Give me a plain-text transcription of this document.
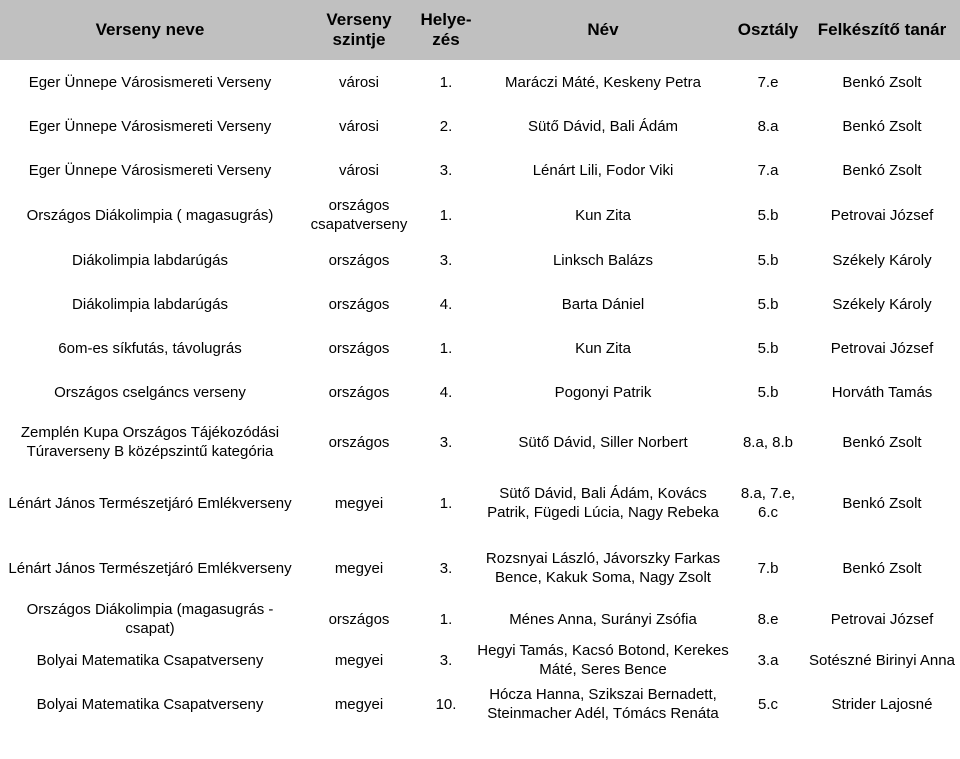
Verseny neve	Verseny szintje	Helye-zés	Név	Osztály	Felkészítő tanár
Eger Ünnepe Városismereti Verseny	városi	1.	Maráczi Máté, Keskeny Petra	7.e	Benkó Zsolt
Eger Ünnepe Városismereti Verseny	városi	2.	Sütő Dávid, Bali Ádám	8.a	Benkó Zsolt
Eger Ünnepe Városismereti Verseny	városi	3.	Lénárt Lili, Fodor Viki	7.a	Benkó Zsolt
Országos Diákolimpia ( magasugrás)	országos csapatverseny	1.	Kun Zita	5.b	Petrovai József
Diákolimpia labdarúgás	országos	3.	Linksch Balázs	5.b	Székely Károly
Diákolimpia labdarúgás	országos	4.	Barta Dániel	5.b	Székely Károly
6om-es síkfutás, távolugrás	országos	1.	Kun Zita	5.b	Petrovai József
Országos cselgáncs verseny	országos	4.	Pogonyi Patrik	5.b	Horváth Tamás
Zemplén Kupa Országos Tájékozódási Túraverseny B középszintű kategória	országos	3.	Sütő Dávid, Siller Norbert	8.a, 8.b	Benkó Zsolt
Lénárt János Természetjáró Emlékverseny	megyei	1.	Sütő Dávid, Bali Ádám, Kovács Patrik, Fügedi Lúcia, Nagy Rebeka	8.a, 7.e, 6.c	Benkó Zsolt
Lénárt János Természetjáró Emlékverseny	megyei	3.	Rozsnyai László, Jávorszky Farkas Bence, Kakuk Soma, Nagy Zsolt	7.b	Benkó Zsolt
Országos Diákolimpia (magasugrás - csapat)	országos	1.	Ménes Anna, Surányi Zsófia	8.e	Petrovai József
Bolyai Matematika Csapatverseny	megyei	3.	Hegyi Tamás, Kacsó Botond, Kerekes Máté, Seres Bence	3.a	Sotészné Birinyi Anna
Bolyai Matematika Csapatverseny	megyei	10.	Hócza Hanna, Szikszai Bernadett, Steinmacher Adél, Tómács Renáta	5.c	Strider Lajosné
